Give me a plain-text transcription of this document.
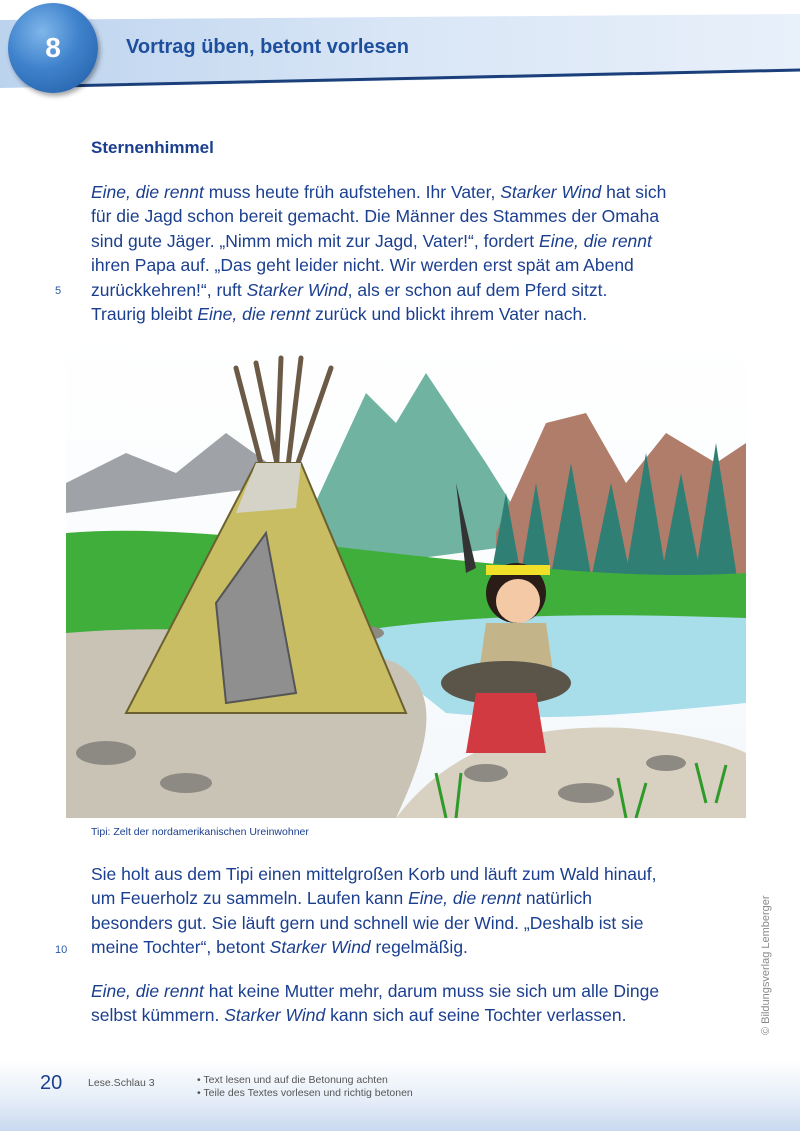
8	Vortrag üben, betont vorlesen
Sternenhimmel
Eine, die rennt muss heute früh aufstehen. Ihr Vater, Starker Wind hat sich
für die Jagd schon bereit gemacht. Die Männer des Stammes der Omaha
sind gute Jäger. „Nimm mich mit zur Jagd, Vater!“, fordert Eine, die rennt
ihren Papa auf. „Das geht leider nicht. Wir werden erst spät am Abend
zurückkehren!“, ruft Starker Wind, als er schon auf dem Pferd sitzt.
Traurig bleibt Eine, die rennt zurück und blickt ihrem Vater nach.
5
Tipi: Zelt der nordamerikanischen Ureinwohner
Sie holt aus dem Tipi einen mittelgroßen Korb und läuft zum Wald hinauf,
um Feuerholz zu sammeln. Laufen kann Eine, die rennt natürlich
besonders gut. Sie läuft gern und schnell wie der Wind. „Deshalb ist sie
meine Tochter“, betont Starker Wind regelmäßig.
10
Eine, die rennt hat keine Mutter mehr, darum muss sie sich um alle Dinge
selbst kümmern. Starker Wind kann sich auf seine Tochter verlassen.	© Bildungsverlag Lemberger
20 Lese.Schlau 3	• Text lesen und auf die Betonung achten
• Teile des Textes vorlesen und richtig betonen
